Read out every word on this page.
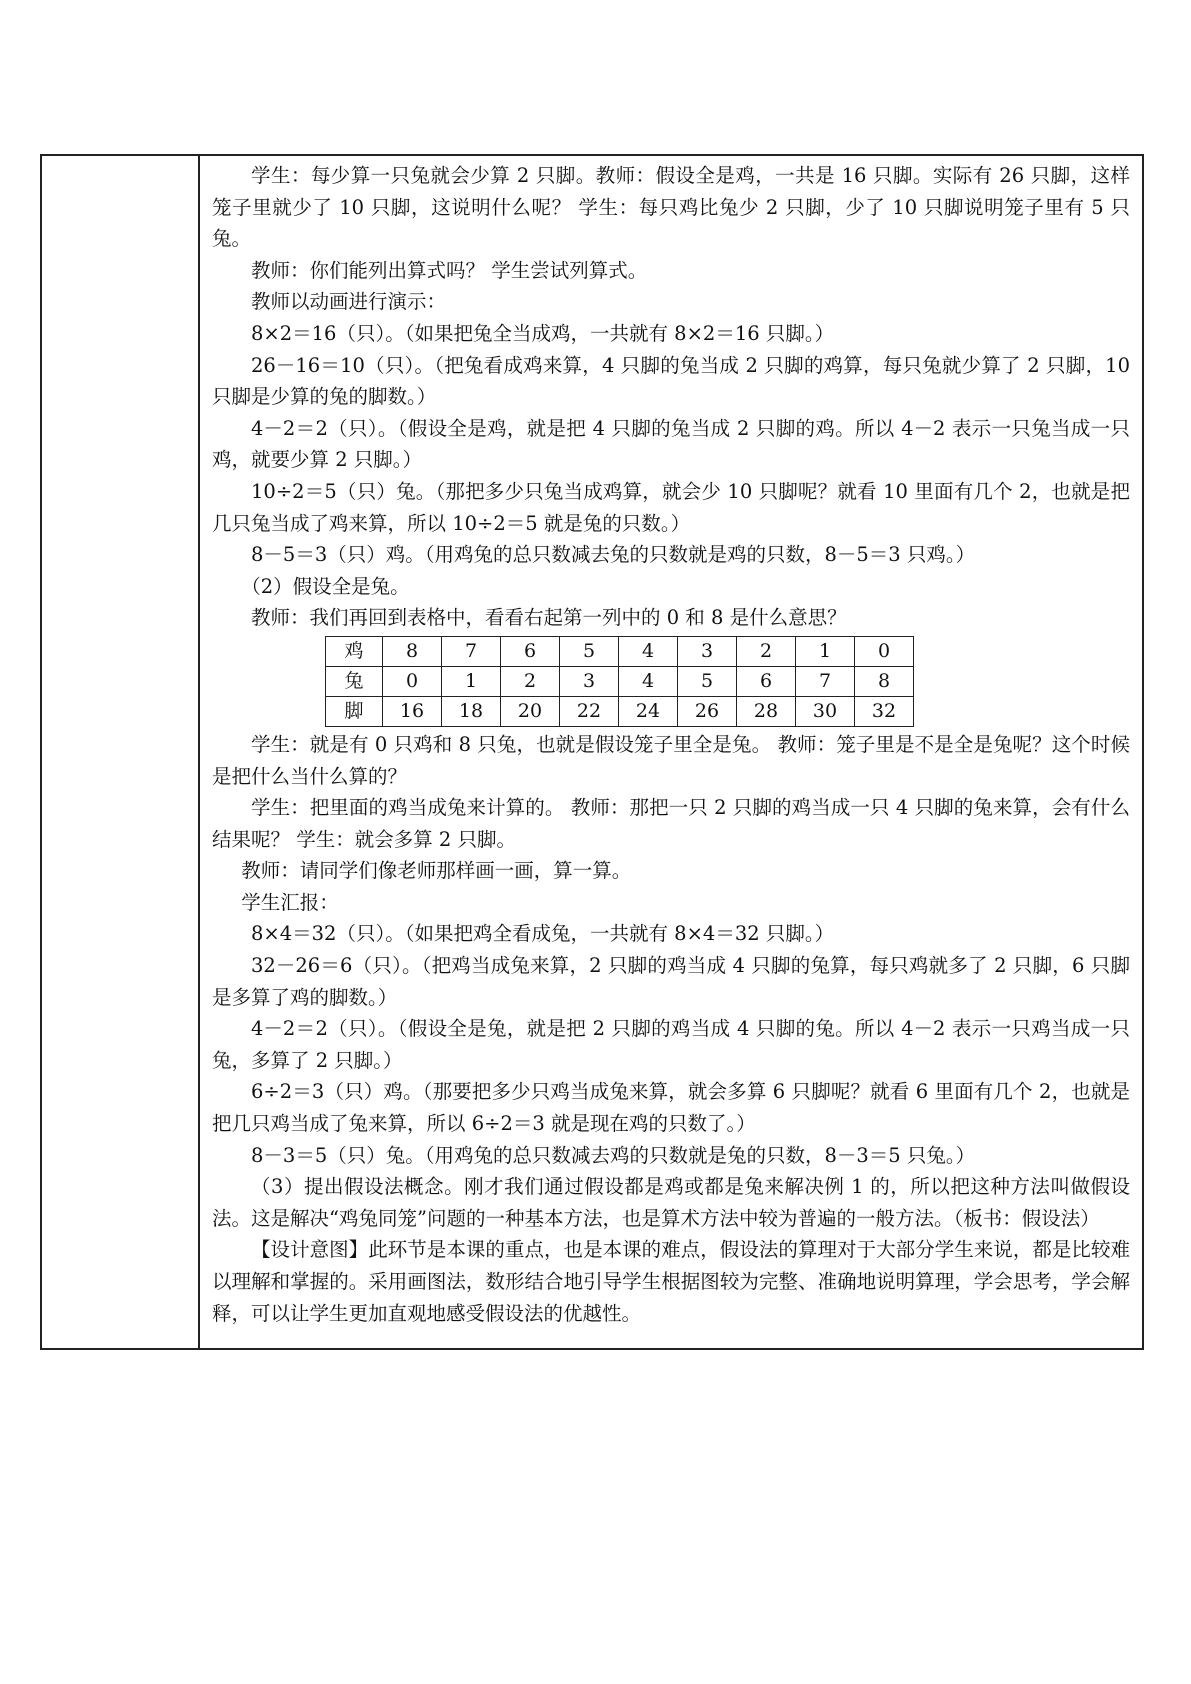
学生：每少算一只兔就会少算 2 只脚。教师：假设全是鸡，一共是 16 只脚。实际有 26 只脚，这样笼子里就少了 10 只脚，这说明什么呢？ 学生：每只鸡比兔少 2 只脚，少了 10 只脚说明笼子里有 5 只兔。

教师：你们能列出算式吗？ 学生尝试列算式。

教师以动画进行演示：

8×2＝16（只）。（如果把兔全当成鸡，一共就有 8×2＝16 只脚。）

26－16＝10（只）。（把兔看成鸡来算，4 只脚的兔当成 2 只脚的鸡算，每只兔就少算了 2 只脚，10 只脚是少算的兔的脚数。）

4－2＝2（只）。（假设全是鸡，就是把 4 只脚的兔当成 2 只脚的鸡。所以 4－2 表示一只兔当成一只鸡，就要少算 2 只脚。）

10÷2＝5（只）兔。（那把多少只兔当成鸡算，就会少 10 只脚呢？就看 10 里面有几个 2，也就是把几只兔当成了鸡来算，所以 10÷2＝5 就是兔的只数。）

8－5＝3（只）鸡。（用鸡兔的总只数减去兔的只数就是鸡的只数，8－5＝3 只鸡。）

（2）假设全是兔。

教师：我们再回到表格中，看看右起第一列中的 0 和 8 是什么意思？

鸡	8	7	6	5	4	3	2	1	0
兔	0	1	2	3	4	5	6	7	8
脚	16	18	20	22	24	26	28	30	32

学生：就是有 0 只鸡和 8 只兔，也就是假设笼子里全是兔。 教师：笼子里是不是全是兔呢？这个时候是把什么当什么算的？

学生：把里面的鸡当成兔来计算的。 教师：那把一只 2 只脚的鸡当成一只 4 只脚的兔来算，会有什么结果呢？ 学生：就会多算 2 只脚。

教师：请同学们像老师那样画一画，算一算。

学生汇报：

8×4＝32（只）。（如果把鸡全看成兔，一共就有 8×4＝32 只脚。）

32－26＝6（只）。（把鸡当成兔来算，2 只脚的鸡当成 4 只脚的兔算，每只鸡就多了 2 只脚，6 只脚是多算了鸡的脚数。）

4－2＝2（只）。（假设全是兔，就是把 2 只脚的鸡当成 4 只脚的兔。所以 4－2 表示一只鸡当成一只兔，多算了 2 只脚。）

6÷2＝3（只）鸡。（那要把多少只鸡当成兔来算，就会多算 6 只脚呢？就看 6 里面有几个 2，也就是把几只鸡当成了兔来算，所以 6÷2＝3 就是现在鸡的只数了。）

8－3＝5（只）兔。（用鸡兔的总只数减去鸡的只数就是兔的只数，8－3＝5 只兔。）

（3）提出假设法概念。刚才我们通过假设都是鸡或都是兔来解决例 1 的，所以把这种方法叫做假设法。这是解决“鸡兔同笼”问题的一种基本方法，也是算术方法中较为普遍的一般方法。（板书：假设法）

【设计意图】此环节是本课的重点，也是本课的难点，假设法的算理对于大部分学生来说，都是比较难以理解和掌握的。采用画图法，数形结合地引导学生根据图较为完整、准确地说明算理，学会思考，学会解释，可以让学生更加直观地感受假设法的优越性。
